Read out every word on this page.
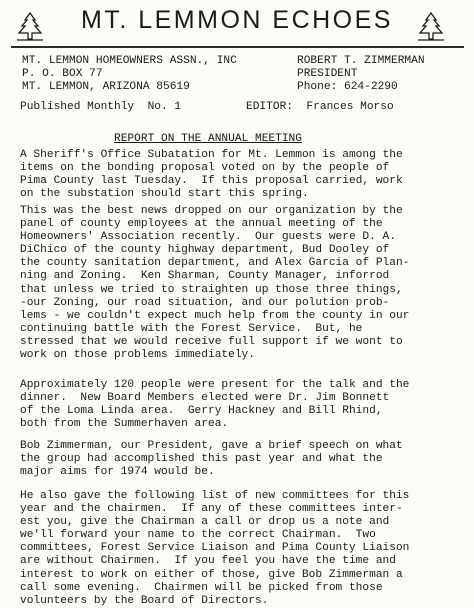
MT. LEMMON ECHOES
MT. LEMMON HOMEOWNERS ASSN., INC
P. O. BOX 77
MT. LEMMON, ARIZONA 85619
ROBERT T. ZIMMERMAN
PRESIDENT
Phone: 624-2290
Published Monthly No. 1	EDITOR:  Frances Morso
REPORT ON THE ANNUAL MEETING
A Sheriff's Office Subatation for Mt. Lemmon is among the
items on the bonding proposal voted on by the people of
Pima County last Tuesday.  If this proposal carried, work
on the substation should start this spring.
This was the best news dropped on our organization by the
panel of county employees at the annual meeting of the
Homeowners' Association recently.  Our guests were D. A.
DiChico of the county highway department, Bud Dooley of
the county sanitation department, and Alex Garcia of Plan-
ning and Zoning.  Ken Sharman, County Manager, inforrod
that unless we tried to straighten up those three things,
-our Zoning, our road situation, and our polution prob-
lems - we couldn't expect much help from the county in our
continuing battle with the Forest Service.  But, he
stressed that we would receive full support if we wont to
work on those problems immediately.
Approximately 120 people were present for the talk and the
dinner.  New Board Members elected were Dr. Jim Bonnett
of the Loma Linda area.  Gerry Hackney and Bill Rhind,
both from the Summerhaven area.
Bob Zimmerman, our President, gave a brief speech on what
the group had accomplished this past year and what the
major aims for 1974 would be.
He also gave the following list of new committees for this
year and the chairmen.  If any of these committees inter-
est you, give the Chairman a call or drop us a note and
we'll forward your name to the correct Chairman.  Two
committees, Forest Service Liaison and Pima County Liaison
are without Chairmen.  If you feel you have the time and
interest to work on either of those, give Bob Zimmerman a
call some evening.  Chairmen will be picked from those
volunteers by the Board of Directors.
